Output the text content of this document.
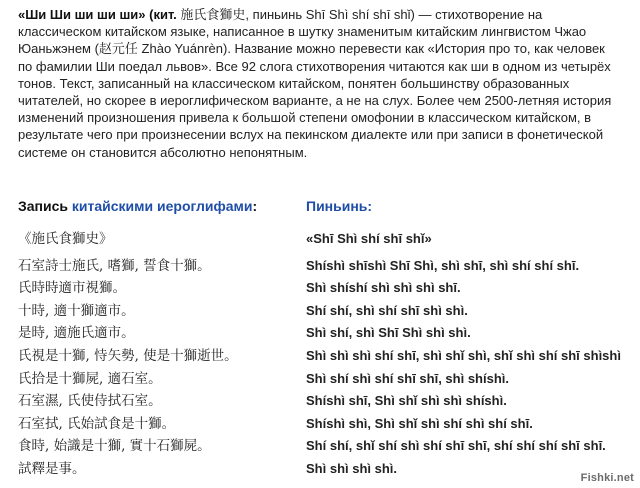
«Ши Ши ши ши ши» (кит. 施氏食獅史, пиньинь Shī Shì shí shī shǐ) — стихотворение на классическом китайском языке, написанное в шутку знаменитым китайским лингвистом Чжао Юаньжэнем (赵元任 Zhào Yuánrèn). Название можно перевести как «История про то, как человек по фамилии Ши поедал львов». Все 92 слога стихотворения читаются как ши в одном из четырёх тонов. Текст, записанный на классическом китайском, понятен большинству образованных читателей, но скорее в иероглифическом варианте, а не на слух. Более чем 2500-летняя история изменений произношения привела к большой степени омофонии в классическом китайском, в результате чего при произнесении вслух на пекинском диалекте или при записи в фонетической системе он становится абсолютно непонятным.
Запись китайскими иероглифами:	Пиньинь:
《施氏食獅史》
石室詩士施氏, 嗜獅, 誓食十獅。
氏時時適市視獅。
十時, 適十獅適市。
是時, 適施氏適市。
氏視是十獅, 恃矢勢, 使是十獅逝世。
氏拾是十獅屍, 適石室。
石室濕, 氏使侍拭石室。
石室拭, 氏始試食是十獅。
食時, 始識是十獅, 實十石獅屍。
試釋是事。
«Shī Shì shí shī shǐ»
Shíshì shīshì Shī Shì, shì shī, shì shí shí shī.
Shì shíshí shì shì shì shī.
Shí shí, shì shí shī shì shì.
Shì shí, shì Shī Shì shì shì.
Shì shì shì shí shī, shì shǐ shì, shǐ shì shí shī shìshì
Shì shí shì shí shī shī, shì shíshì.
Shíshì shī, Shì shǐ shì shì shíshì.
Shíshì shì, Shì shǐ shì shí shì shí shī.
Shí shí, shǐ shí shì shí shī shī, shí shí shí shī shī.
Shì shì shì shì.
Fishki.net
